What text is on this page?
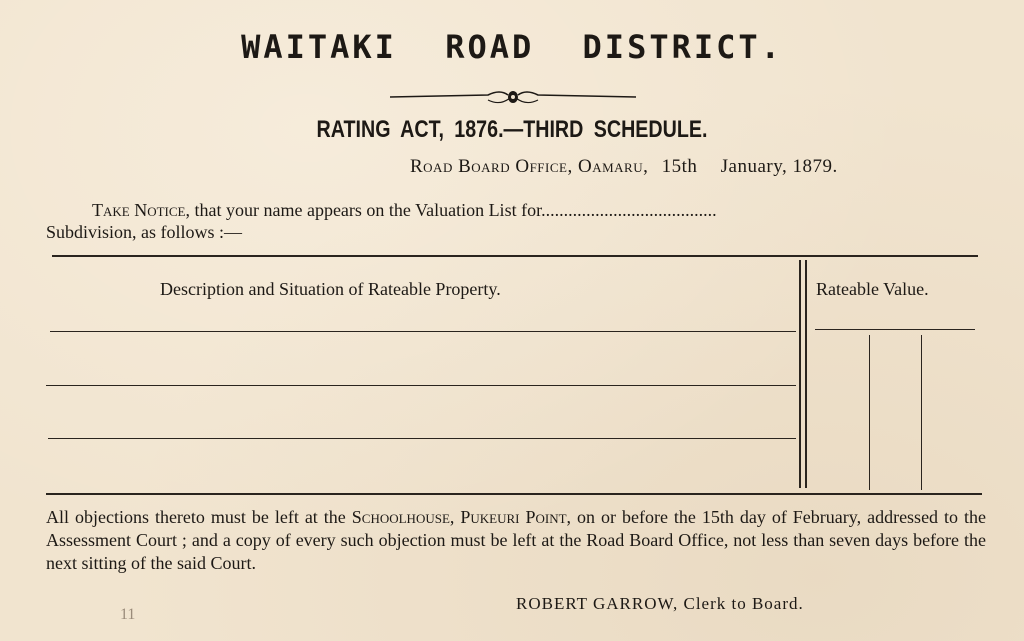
WAITAKI ROAD DISTRICT.
RATING ACT, 1876.—THIRD SCHEDULE.
Road Board Office, Oamaru, 15th January, 1879.
Take Notice, that your name appears on the Valuation List for.......................................
Subdivision, as follows :—
Description and Situation of Rateable Property.	Rateable Value.
All objections thereto must be left at the Schoolhouse, Pukeuri Point, on or before the 15th day of February, addressed to the Assessment Court ; and a copy of every such objection must be left at the Road Board Office, not less than seven days before the next sitting of the said Court.
ROBERT GARROW, Clerk to Board.
11
